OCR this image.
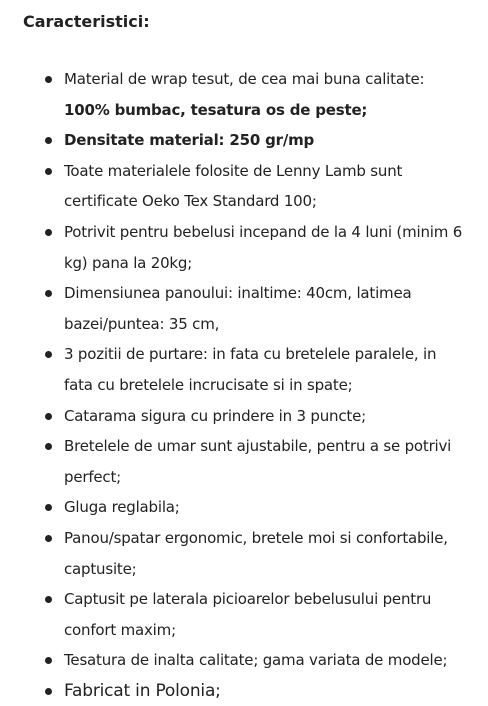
Caracteristici:
Material de wrap tesut, de cea mai buna calitate:
100% bumbac, tesatura os de peste;
Densitate material: 250 gr/mp
Toate materialele folosite de Lenny Lamb sunt certificate Oeko Tex Standard 100;
Potrivit pentru bebelusi incepand de la 4 luni (minim 6 kg) pana la 20kg;
Dimensiunea panoului: inaltime: 40cm, latimea bazei/puntea: 35 cm,
3 pozitii de purtare: in fata cu bretelele paralele, in fata cu bretelele incrucisate si in spate;
Catarama sigura cu prindere in 3 puncte;
Bretelele de umar sunt ajustabile, pentru a se potrivi perfect;
Gluga reglabila;
Panou/spatar ergonomic, bretele moi si confortabile, captusite;
Captusit pe laterala picioarelor bebelusului pentru confort maxim;
Tesatura de inalta calitate; gama variata de modele;
Fabricat in Polonia;
